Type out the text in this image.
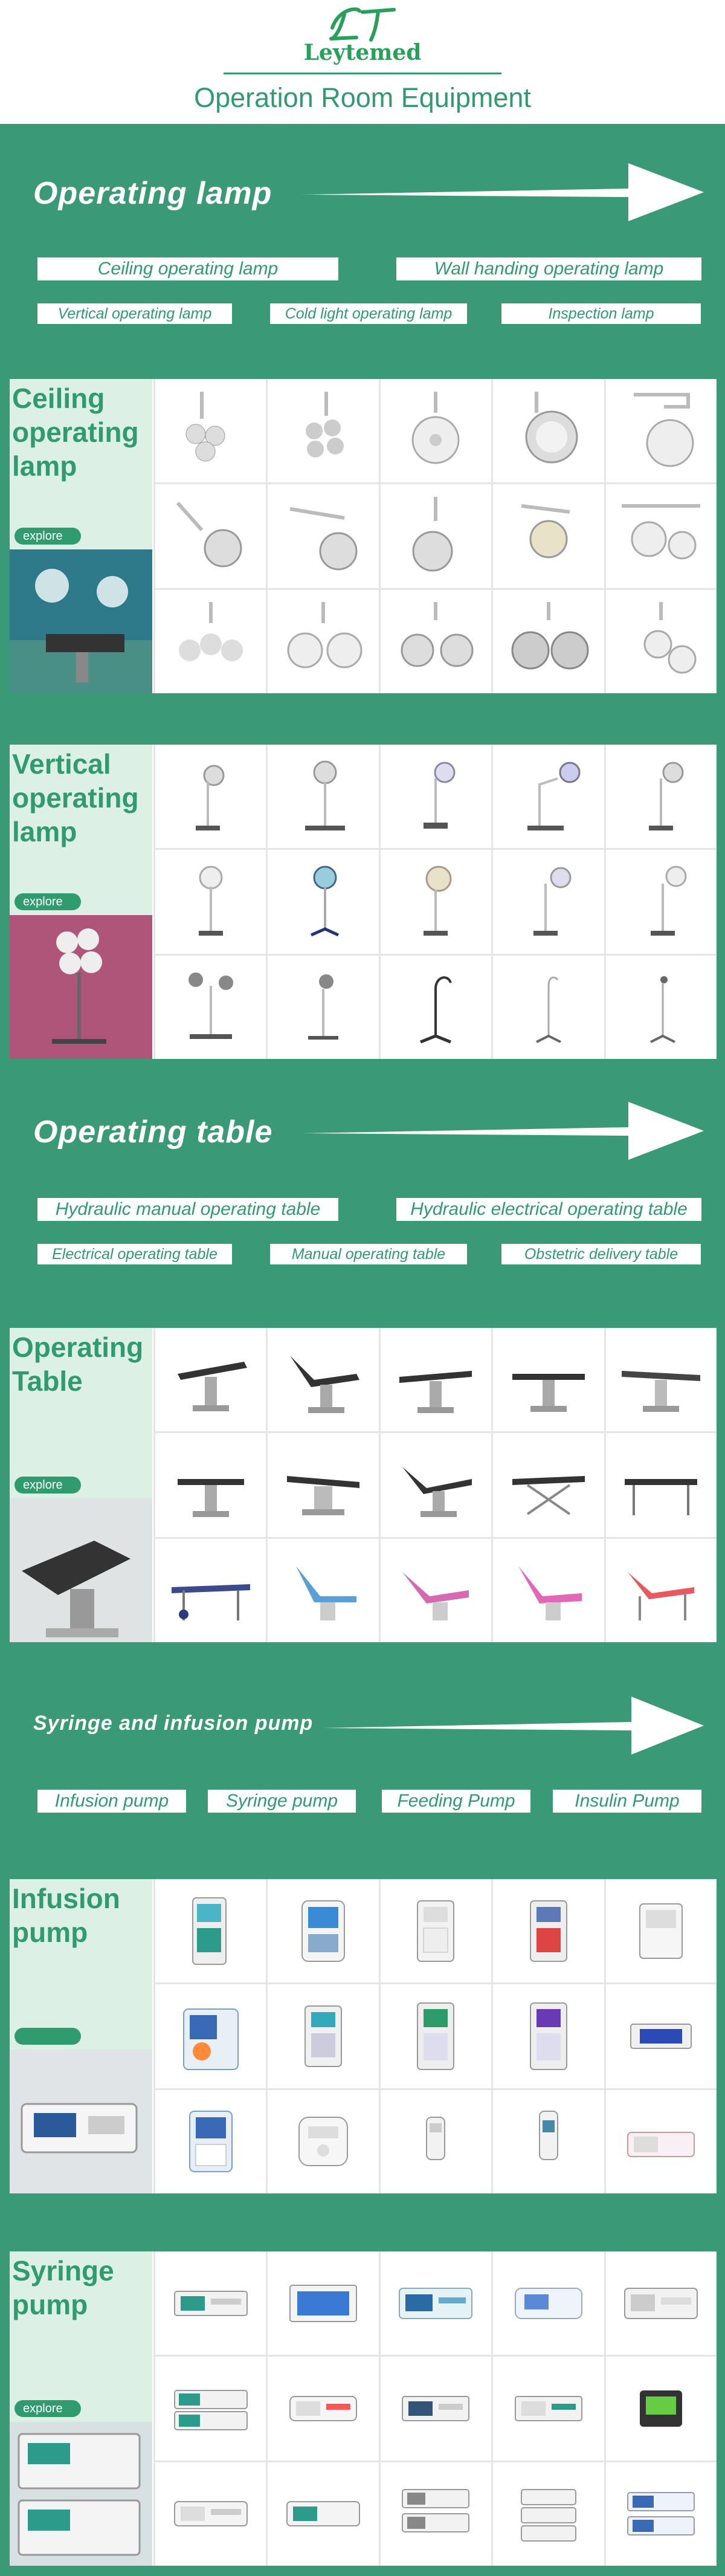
Leytemed
Operation Room Equipment
Operating lamp
Ceiling operating lamp	Wall handing operating lamp
Vertical operating lamp	Cold light operating lamp	Inspection lamp
Ceiling operating lamp
explore
Vertical operating lamp
explore
Operating table
Hydraulic manual operating table	Hydraulic electrical operating table
Electrical operating table	Manual operating table	Obstetric delivery table
Operating Table
explore
Syringe and infusion pump
Infusion pump	Syringe pump	Feeding Pump	Insulin Pump
Infusion pump
Syringe pump
explore
